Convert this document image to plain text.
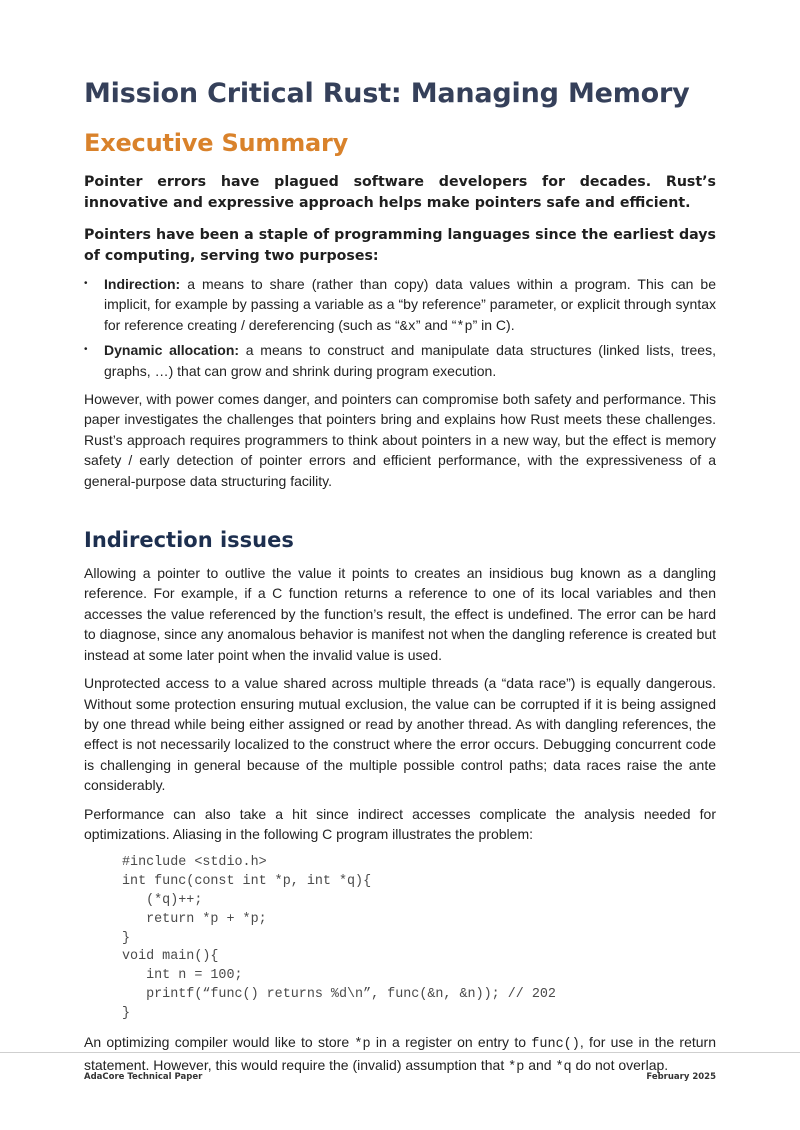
Mission Critical Rust: Managing Memory
Executive Summary

Pointer errors have plagued software developers for decades. Rust’s innovative and expressive approach helps make pointers safe and efficient.

Pointers have been a staple of programming languages since the earliest days of computing, serving two purposes:

• Indirection: a means to share (rather than copy) data values within a program. This can be implicit, for example by passing a variable as a “by reference” parameter, or explicit through syntax for reference creating / dereferencing (such as “&x” and “*p” in C).
• Dynamic allocation: a means to construct and manipulate data structures (linked lists, trees, graphs, …) that can grow and shrink during program execution.

However, with power comes danger, and pointers can compromise both safety and performance. This paper investigates the challenges that pointers bring and explains how Rust meets these challenges. Rust’s approach requires programmers to think about pointers in a new way, but the effect is memory safety / early detection of pointer errors and efficient performance, with the expressiveness of a general-purpose data structuring facility.

Indirection issues

Allowing a pointer to outlive the value it points to creates an insidious bug known as a dangling reference. For example, if a C function returns a reference to one of its local variables and then accesses the value referenced by the function’s result, the effect is undefined. The error can be hard to diagnose, since any anomalous behavior is manifest not when the dangling reference is created but instead at some later point when the invalid value is used.

Unprotected access to a value shared across multiple threads (a “data race”) is equally dangerous. Without some protection ensuring mutual exclusion, the value can be corrupted if it is being assigned by one thread while being either assigned or read by another thread. As with dangling references, the effect is not necessarily localized to the construct where the error occurs. Debugging concurrent code is challenging in general because of the multiple possible control paths; data races raise the ante considerably.

Performance can also take a hit since indirect accesses complicate the analysis needed for optimizations. Aliasing in the following C program illustrates the problem:

#include <stdio.h>
int func(const int *p, int *q){
(*q)++;
return *p + *p;
}
void main(){
int n = 100;
printf(“func() returns %d\n”, func(&n, &n)); // 202
}

An optimizing compiler would like to store *p in a register on entry to func(), for use in the return statement. However, this would require the (invalid) assumption that *p and *q do not overlap.

AdaCore Technical Paper	February 2025
